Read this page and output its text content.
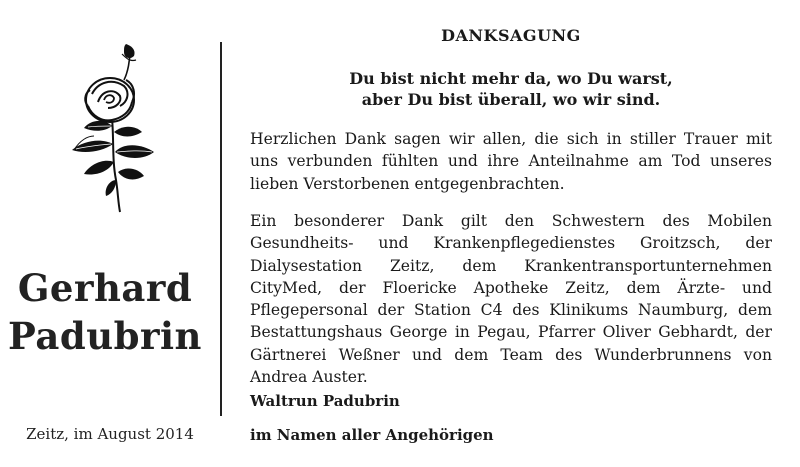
Gerhard
Padubrin
Zeitz, im August 2014
DANKSAGUNG
Du bist nicht mehr da, wo Du warst,
aber Du bist überall, wo wir sind.
Herzlichen Dank sagen wir allen, die sich in stiller Trauer mit uns verbunden fühlten und ihre Anteilnahme am Tod unseres lieben Verstorbenen entgegenbrachten.
Ein besonderer Dank gilt den Schwestern des Mobilen Gesundheits- und Krankenpflegedienstes Groitzsch, der Dialysestation Zeitz, dem Krankentransportunternehmen CityMed, der Floericke Apotheke Zeitz, dem Ärzte- und Pflegepersonal der Station C4 des Klinikums Naumburg, dem Bestattungshaus George in Pegau, Pfarrer Oliver Gebhardt, der Gärtnerei Weßner und dem Team des Wunderbrunnens von Andrea Auster.
Waltrun Padubrin
im Namen aller Angehörigen
